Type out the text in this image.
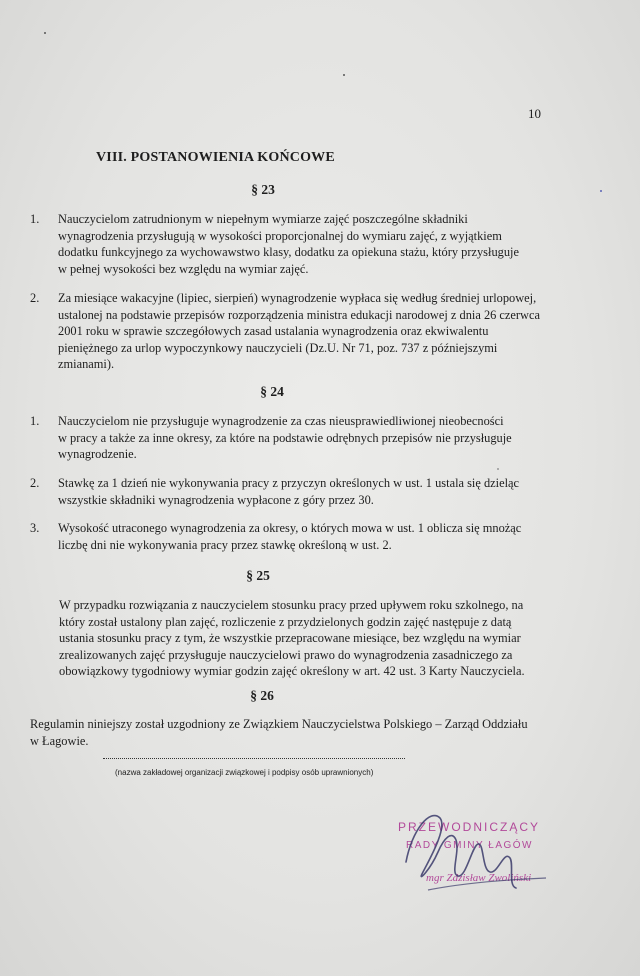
10
VIII. POSTANOWIENIA KOŃCOWE
§ 23
1.	Nauczycielom zatrudnionym w niepełnym wymiarze zajęć poszczególne składniki
wynagrodzenia przysługują w wysokości proporcjonalnej do wymiaru zajęć, z wyjątkiem
dodatku funkcyjnego za wychowawstwo klasy, dodatku za opiekuna stażu, który przysługuje
w pełnej wysokości bez względu na wymiar zajęć.
2.	Za miesiące wakacyjne (lipiec, sierpień) wynagrodzenie wypłaca się według średniej urlopowej,
ustalonej na podstawie przepisów rozporządzenia ministra edukacji narodowej z dnia 26 czerwca
2001 roku w sprawie szczegółowych zasad ustalania wynagrodzenia oraz ekwiwalentu
pieniężnego za urlop wypoczynkowy nauczycieli (Dz.U. Nr 71, poz. 737 z późniejszymi
zmianami).
§ 24
1.	Nauczycielom nie przysługuje wynagrodzenie za czas nieusprawiedliwionej nieobecności
w pracy a także za inne okresy, za które na podstawie odrębnych przepisów nie przysługuje
wynagrodzenie.
2.	Stawkę za 1 dzień nie wykonywania pracy z przyczyn określonych w ust. 1 ustala się dzieląc
wszystkie składniki wynagrodzenia wypłacone z góry przez 30.
3.	Wysokość utraconego wynagrodzenia za okresy, o których mowa w ust. 1 oblicza się mnożąc
liczbę dni nie wykonywania pracy przez stawkę określoną w ust. 2.
§ 25
W przypadku rozwiązania z nauczycielem stosunku pracy przed upływem roku szkolnego, na
który został ustalony plan zajęć, rozliczenie z przydzielonych godzin zajęć następuje z datą
ustania stosunku pracy z tym, że wszystkie przepracowane miesiące, bez względu na wymiar
zrealizowanych zajęć przysługuje nauczycielowi prawo do wynagrodzenia zasadniczego za
obowiązkowy tygodniowy wymiar godzin zajęć określony w art. 42 ust. 3 Karty Nauczyciela.
§ 26
Regulamin niniejszy został uzgodniony ze Związkiem Nauczycielstwa Polskiego – Zarząd Oddziału
w Łagowie.
(nazwa zakładowej organizacji związkowej i podpisy osób uprawnionych)
PRZEWODNICZĄCY
RADY GMINY ŁAGÓW
mgr Zdzisław Zwoliński
